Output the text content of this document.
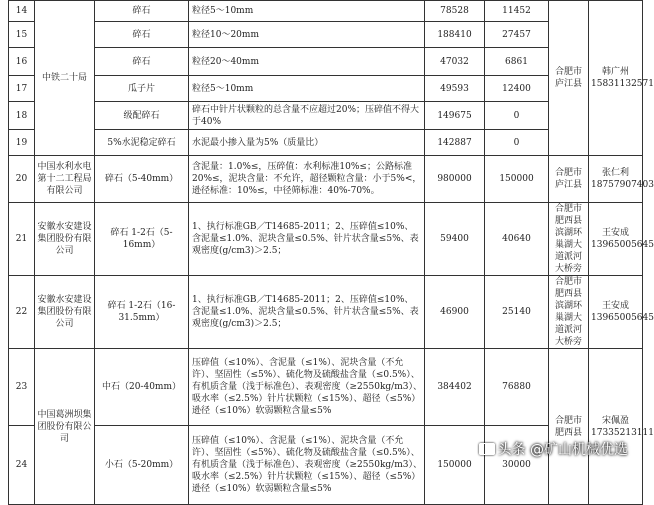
14	中铁二十局	碎石	粒径5～10mm	78528	11452	合肥市庐江县	韩广州15831132571
15		碎石	粒径10～20mm	188410	27457		
16		碎石	粒径20～40mm	47032	6861		
17		瓜子片	粒径5～10mm	49593	12400		
18		级配碎石	碎石中针片状颗粒的总含量不应超过20%；压碎值不得大于40%	149675	0		
19		5%水泥稳定碎石	水泥最小掺入量为5%（质量比）	142887	0		
20	中国水利水电第十二工程局有限公司	碎石（5-40mm）	含泥量：1.0%≤，压碎值：水利标准10%≤；公路标准20%≤，泥块含量：不允许，超径颗粒含量：小于5%<，逊径标准：10%≤，中径筛标准：40%-70%。	980000	150000	合肥市庐江县	张仁利18757907403
21	安徽水安建设集团股份有限公司	碎石 1-2石（5-16mm）	1、执行标准GB／T14685-2011；2、压碎值≤10%、含泥量≤1.0%、泥块含量≤0.5%、针片状含量≤5%、表观密度(g/cm3)＞2.5；	59400	40640	合肥市肥西县滨湖环巢湖大道派河大桥旁	王安成13965005645
22	安徽水安建设集团股份有限公司	碎石 1-2石（16-31.5mm）	1、执行标准GB／T14685-2011；2、压碎值≤10%、含泥量≤1.0%、泥块含量≤0.5%、针片状含量≤5%、表观密度(g/cm3)＞2.5；	46900	25140	合肥市肥西县滨湖环巢湖大道派河大桥旁	王安成13965005645
23	中国葛洲坝集团股份有限公司	中石（20-40mm）	压碎值（≤10%）、含泥量（≤1%）、泥块含量（不允许）、坚固性（≤5%）、硫化物及硫酸盐含量（≤0.5%）、有机质含量（浅于标准色）、表观密度（≥2550kg/m3）、吸水率（≤2.5%）针片状颗粒（≤15%）、超径（≤5%）逊径（≤10%）软弱颗粒含量≤5%	384402	76880	合肥市肥西县	宋佩盈17335213111
24		小石（5-20mm）	压碎值（≤10%）、含泥量（≤1%）、泥块含量（不允许）、坚固性（≤5%）、硫化物及硫酸盐含量（≤0.5%）、有机质含量（浅于标准色）、表观密度（≥2550kg/m3）、吸水率（≤2.5%）针片状颗粒（≤15%）、超径（≤5%）逊径（≤10%）软弱颗粒含量≤5%	150000	30000		
头条 @矿山机械优选
